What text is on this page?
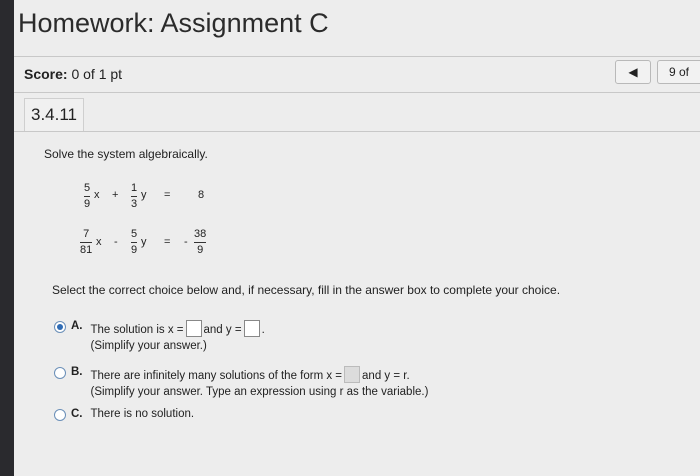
Homework: Assignment C
Score: 0 of 1 pt	◀	9 of
3.4.11
Solve the system algebraically.
5
9
x +
1
3
y =	8
7
81
x -
5
9
y = -
38
9
Select the correct choice below and, if necessary, fill in the answer box to complete your choice.
A. The solution is x = and y = .
(Simplify your answer.)
B. There are infinitely many solutions of the form x = and y = r.
(Simplify your answer. Type an expression using r as the variable.)
C. There is no solution.
